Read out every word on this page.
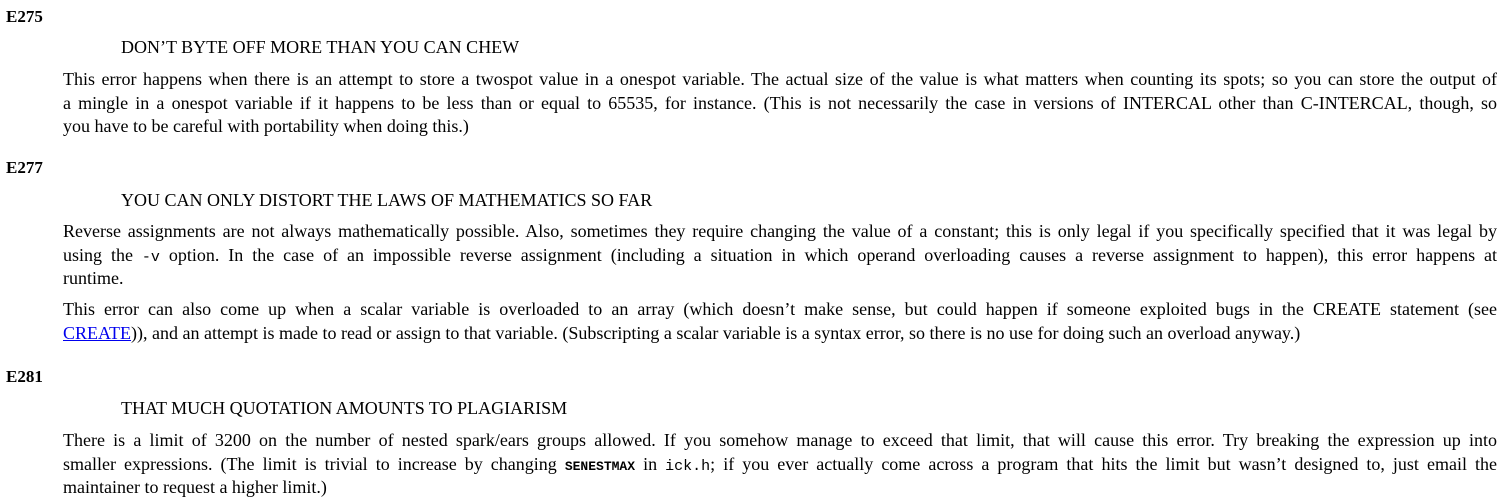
E275
DON’T BYTE OFF MORE THAN YOU CAN CHEW
This error happens when there is an attempt to store a twospot value in a onespot variable. The actual size of the value is what matters when counting its spots; so you can store the output of
a mingle in a onespot variable if it happens to be less than or equal to 65535, for instance. (This is not necessarily the case in versions of INTERCAL other than C-INTERCAL, though, so
you have to be careful with portability when doing this.)
E277
YOU CAN ONLY DISTORT THE LAWS OF MATHEMATICS SO FAR
Reverse assignments are not always mathematically possible. Also, sometimes they require changing the value of a constant; this is only legal if you specifically specified that it was legal by
using the -v option. In the case of an impossible reverse assignment (including a situation in which operand overloading causes a reverse assignment to happen), this error happens at
runtime.
This error can also come up when a scalar variable is overloaded to an array (which doesn’t make sense, but could happen if someone exploited bugs in the CREATE statement (see
CREATE)), and an attempt is made to read or assign to that variable. (Subscripting a scalar variable is a syntax error, so there is no use for doing such an overload anyway.)
E281
THAT MUCH QUOTATION AMOUNTS TO PLAGIARISM
There is a limit of 3200 on the number of nested spark/ears groups allowed. If you somehow manage to exceed that limit, that will cause this error. Try breaking the expression up into
smaller expressions. (The limit is trivial to increase by changing SENESTMAX in ick.h; if you ever actually come across a program that hits the limit but wasn’t designed to, just email the
maintainer to request a higher limit.)
